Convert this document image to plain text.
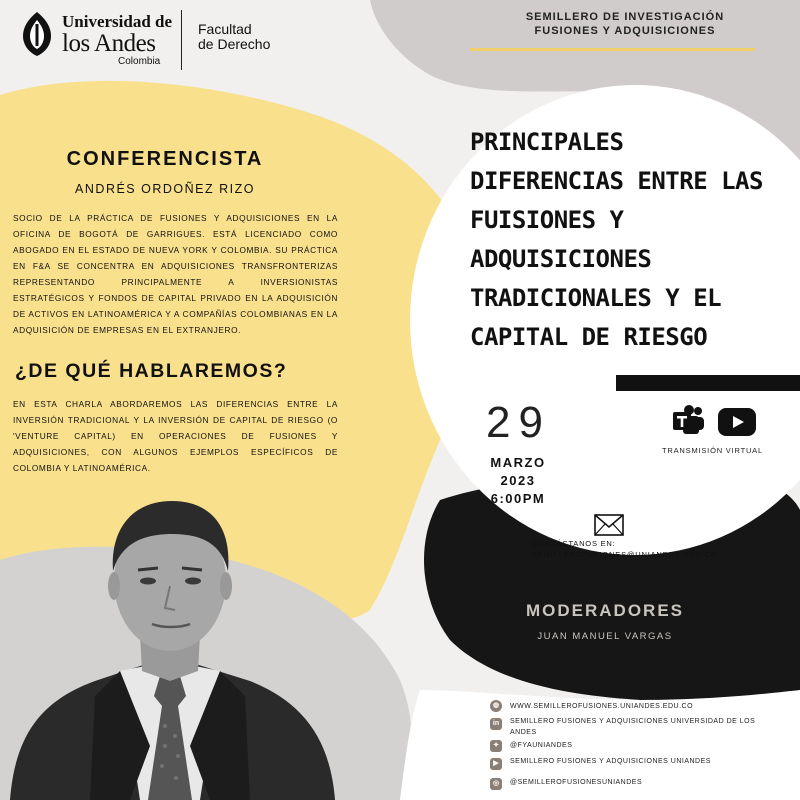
Universidad de
los Andes
Colombia
Facultad
de Derecho
SEMILLERO DE INVESTIGACIÓN
FUSIONES Y ADQUISICIONES
PRINCIPALES
DIFERENCIAS ENTRE LAS
FUISIONES Y
ADQUISICIONES
TRADICIONALES Y EL
CAPITAL DE RIESGO
CONFERENCISTA
ANDRÉS ORDOÑEZ RIZO
SOCIO DE LA PRÁCTICA DE FUSIONES Y ADQUISICIONES EN LA OFICINA DE BOGOTÁ DE GARRIGUES. ESTÁ LICENCIADO COMO ABOGADO EN EL ESTADO DE NUEVA YORK Y COLOMBIA. SU PRÁCTICA EN F&A SE CONCENTRA EN ADQUISICIONES TRANSFRONTERIZAS REPRESENTANDO PRINCIPALMENTE A INVERSIONISTAS ESTRATÉGICOS Y FONDOS DE CAPITAL PRIVADO EN LA ADQUISICIÓN DE ACTIVOS EN LATINOAMÉRICA Y A COMPAÑÍAS COLOMBIANAS EN LA ADQUISICIÓN DE EMPRESAS EN EL EXTRANJERO.
¿DE QUÉ HABLAREMOS?
EN ESTA CHARLA ABORDAREMOS LAS DIFERENCIAS ENTRE LA INVERSIÓN TRADICIONAL Y LA INVERSIÓN DE CAPITAL DE RIESGO (O 'VENTURE CAPITAL) EN OPERACIONES DE FUSIONES Y ADQUISICIONES, CON ALGUNOS EJEMPLOS ESPECÍFICOS DE COLOMBIA Y LATINOAMÉRICA.
29
MARZO
2023
6:00PM
TRANSMISIÓN VIRTUAL
CONTÁCTANOS EN:
SEMILLEROFUSIONES@UNIANDES.EDU.CO
MODERADORES
JUAN MANUEL VARGAS
◍	WWW.SEMILLEROFUSIONES.UNIANDES.EDU.CO
in	SEMILLERO FUSIONES Y ADQUISICIONES UNIVERSIDAD DE LOS ANDES
✦	@FYAUNIANDES
▶	SEMILLERO FUSIONES Y ADQUISICIONES UNIANDES
◎	@SEMILLEROFUSIONESUNIANDES
